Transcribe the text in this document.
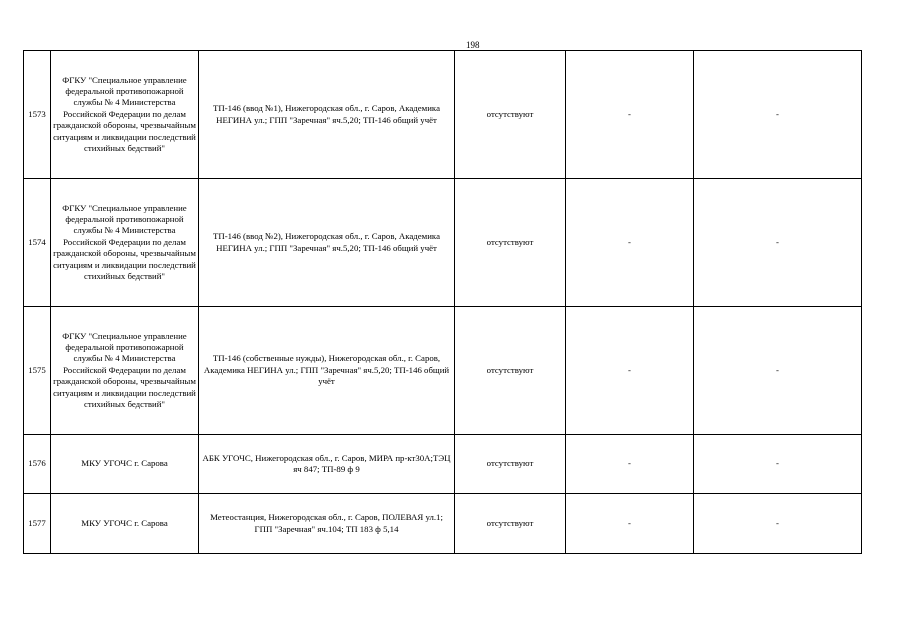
198
1573	ФГКУ "Специальное управление федеральной противопожарной службы № 4 Министерства Российской Федерации по делам гражданской обороны, чрезвычайным ситуациям и ликвидации последствий стихийных бедствий"	ТП-146 (ввод №1), Нижегородская обл., г. Саров, Академика НЕГИНА ул.; ГПП "Заречная" яч.5,20; ТП-146 общий учёт	отсутствуют	-	-
1574	ФГКУ "Специальное управление федеральной противопожарной службы № 4 Министерства Российской Федерации по делам гражданской обороны, чрезвычайным ситуациям и ликвидации последствий стихийных бедствий"	ТП-146 (ввод №2), Нижегородская обл., г. Саров, Академика НЕГИНА ул.; ГПП "Заречная" яч.5,20; ТП-146 общий учёт	отсутствуют	-	-
1575	ФГКУ "Специальное управление федеральной противопожарной службы № 4 Министерства Российской Федерации по делам гражданской обороны, чрезвычайным ситуациям и ликвидации последствий стихийных бедствий"	ТП-146 (собственные нужды), Нижегородская обл., г. Саров, Академика НЕГИНА ул.; ГПП "Заречная" яч.5,20; ТП-146 общий учёт	отсутствуют	-	-
1576	МКУ УГОЧС г. Сарова	АБК УГОЧС, Нижегородская обл., г. Саров, МИРА пр-кт30А;ТЭЦ яч 847; ТП-89 ф 9	отсутствуют	-	-
1577	МКУ УГОЧС г. Сарова	Метеостанция, Нижегородская обл., г. Саров, ПОЛЕВАЯ ул.1; ГПП "Заречная" яч.104; ТП 183 ф 5,14	отсутствуют	-	-
